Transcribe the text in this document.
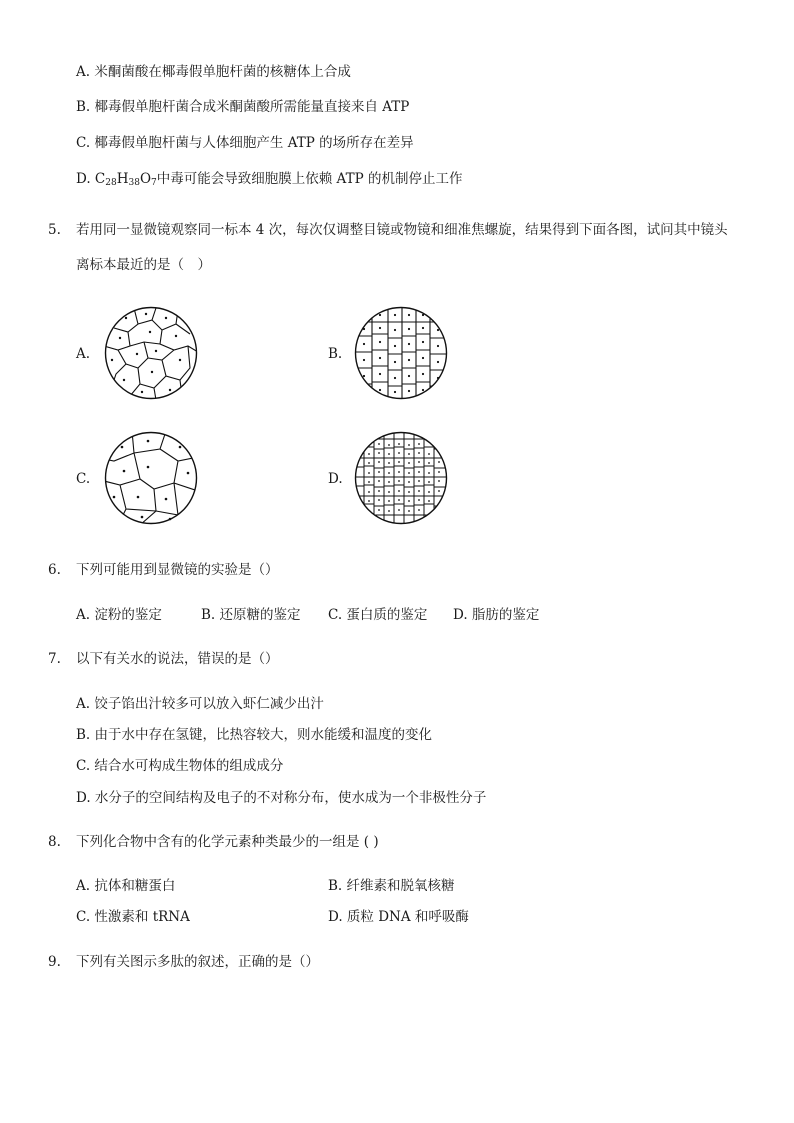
A. 米酮菌酸在椰毒假单胞杆菌的核糖体上合成
B. 椰毒假单胞杆菌合成米酮菌酸所需能量直接来自 ATP
C. 椰毒假单胞杆菌与人体细胞产生 ATP 的场所存在差异
D. $C_{28}H_{38}O_7$中毒可能会导致细胞膜上依赖 ATP 的机制停止工作
5. 若用同一显微镜观察同一标本 4 次，每次仅调整目镜或物镜和细准焦螺旋，结果得到下面各图，试问其中镜头
离标本最近的是（　）
A.	B.
C.	D.
6. 下列可能用到显微镜的实验是（）
A. 淀粉的鉴定	B. 还原糖的鉴定 C. 蛋白质的鉴定 D. 脂肪的鉴定
7. 以下有关水的说法，错误的是（）
A. 饺子馅出汁较多可以放入虾仁减少出汁
B. 由于水中存在氢键，比热容较大，则水能缓和温度的变化
C. 结合水可构成生物体的组成成分
D. 水分子的空间结构及电子的不对称分布，使水成为一个非极性分子
8. 下列化合物中含有的化学元素种类最少的一组是 ( )
A. 抗体和糖蛋白	B. 纤维素和脱氧核糖
C. 性激素和 tRNA	D. 质粒 DNA 和呼吸酶
9. 下列有关图示多肽的叙述，正确的是（）
